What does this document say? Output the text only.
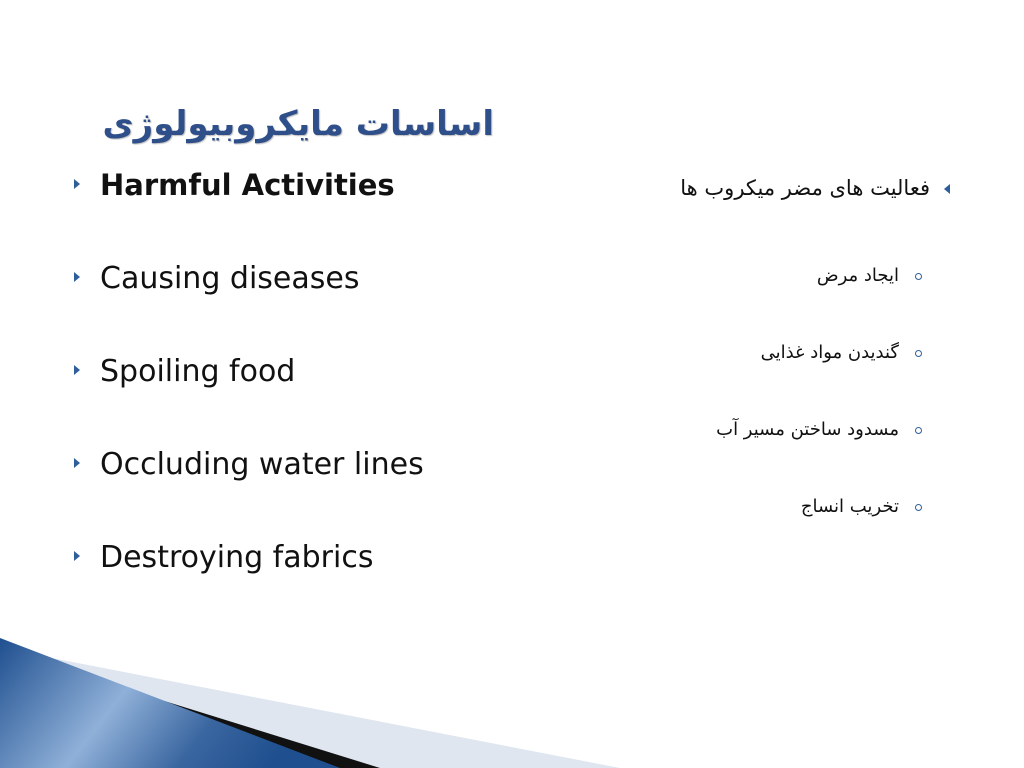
اساسات مایکروبیولوژی
Harmful Activities
Causing diseases
Spoiling food
Occluding water lines
Destroying fabrics
فعالیت های مضر میکروب ها
ایجاد مرض
گندیدن مواد غذایی
مسدود ساختن مسیر آب
تخریب انساج
